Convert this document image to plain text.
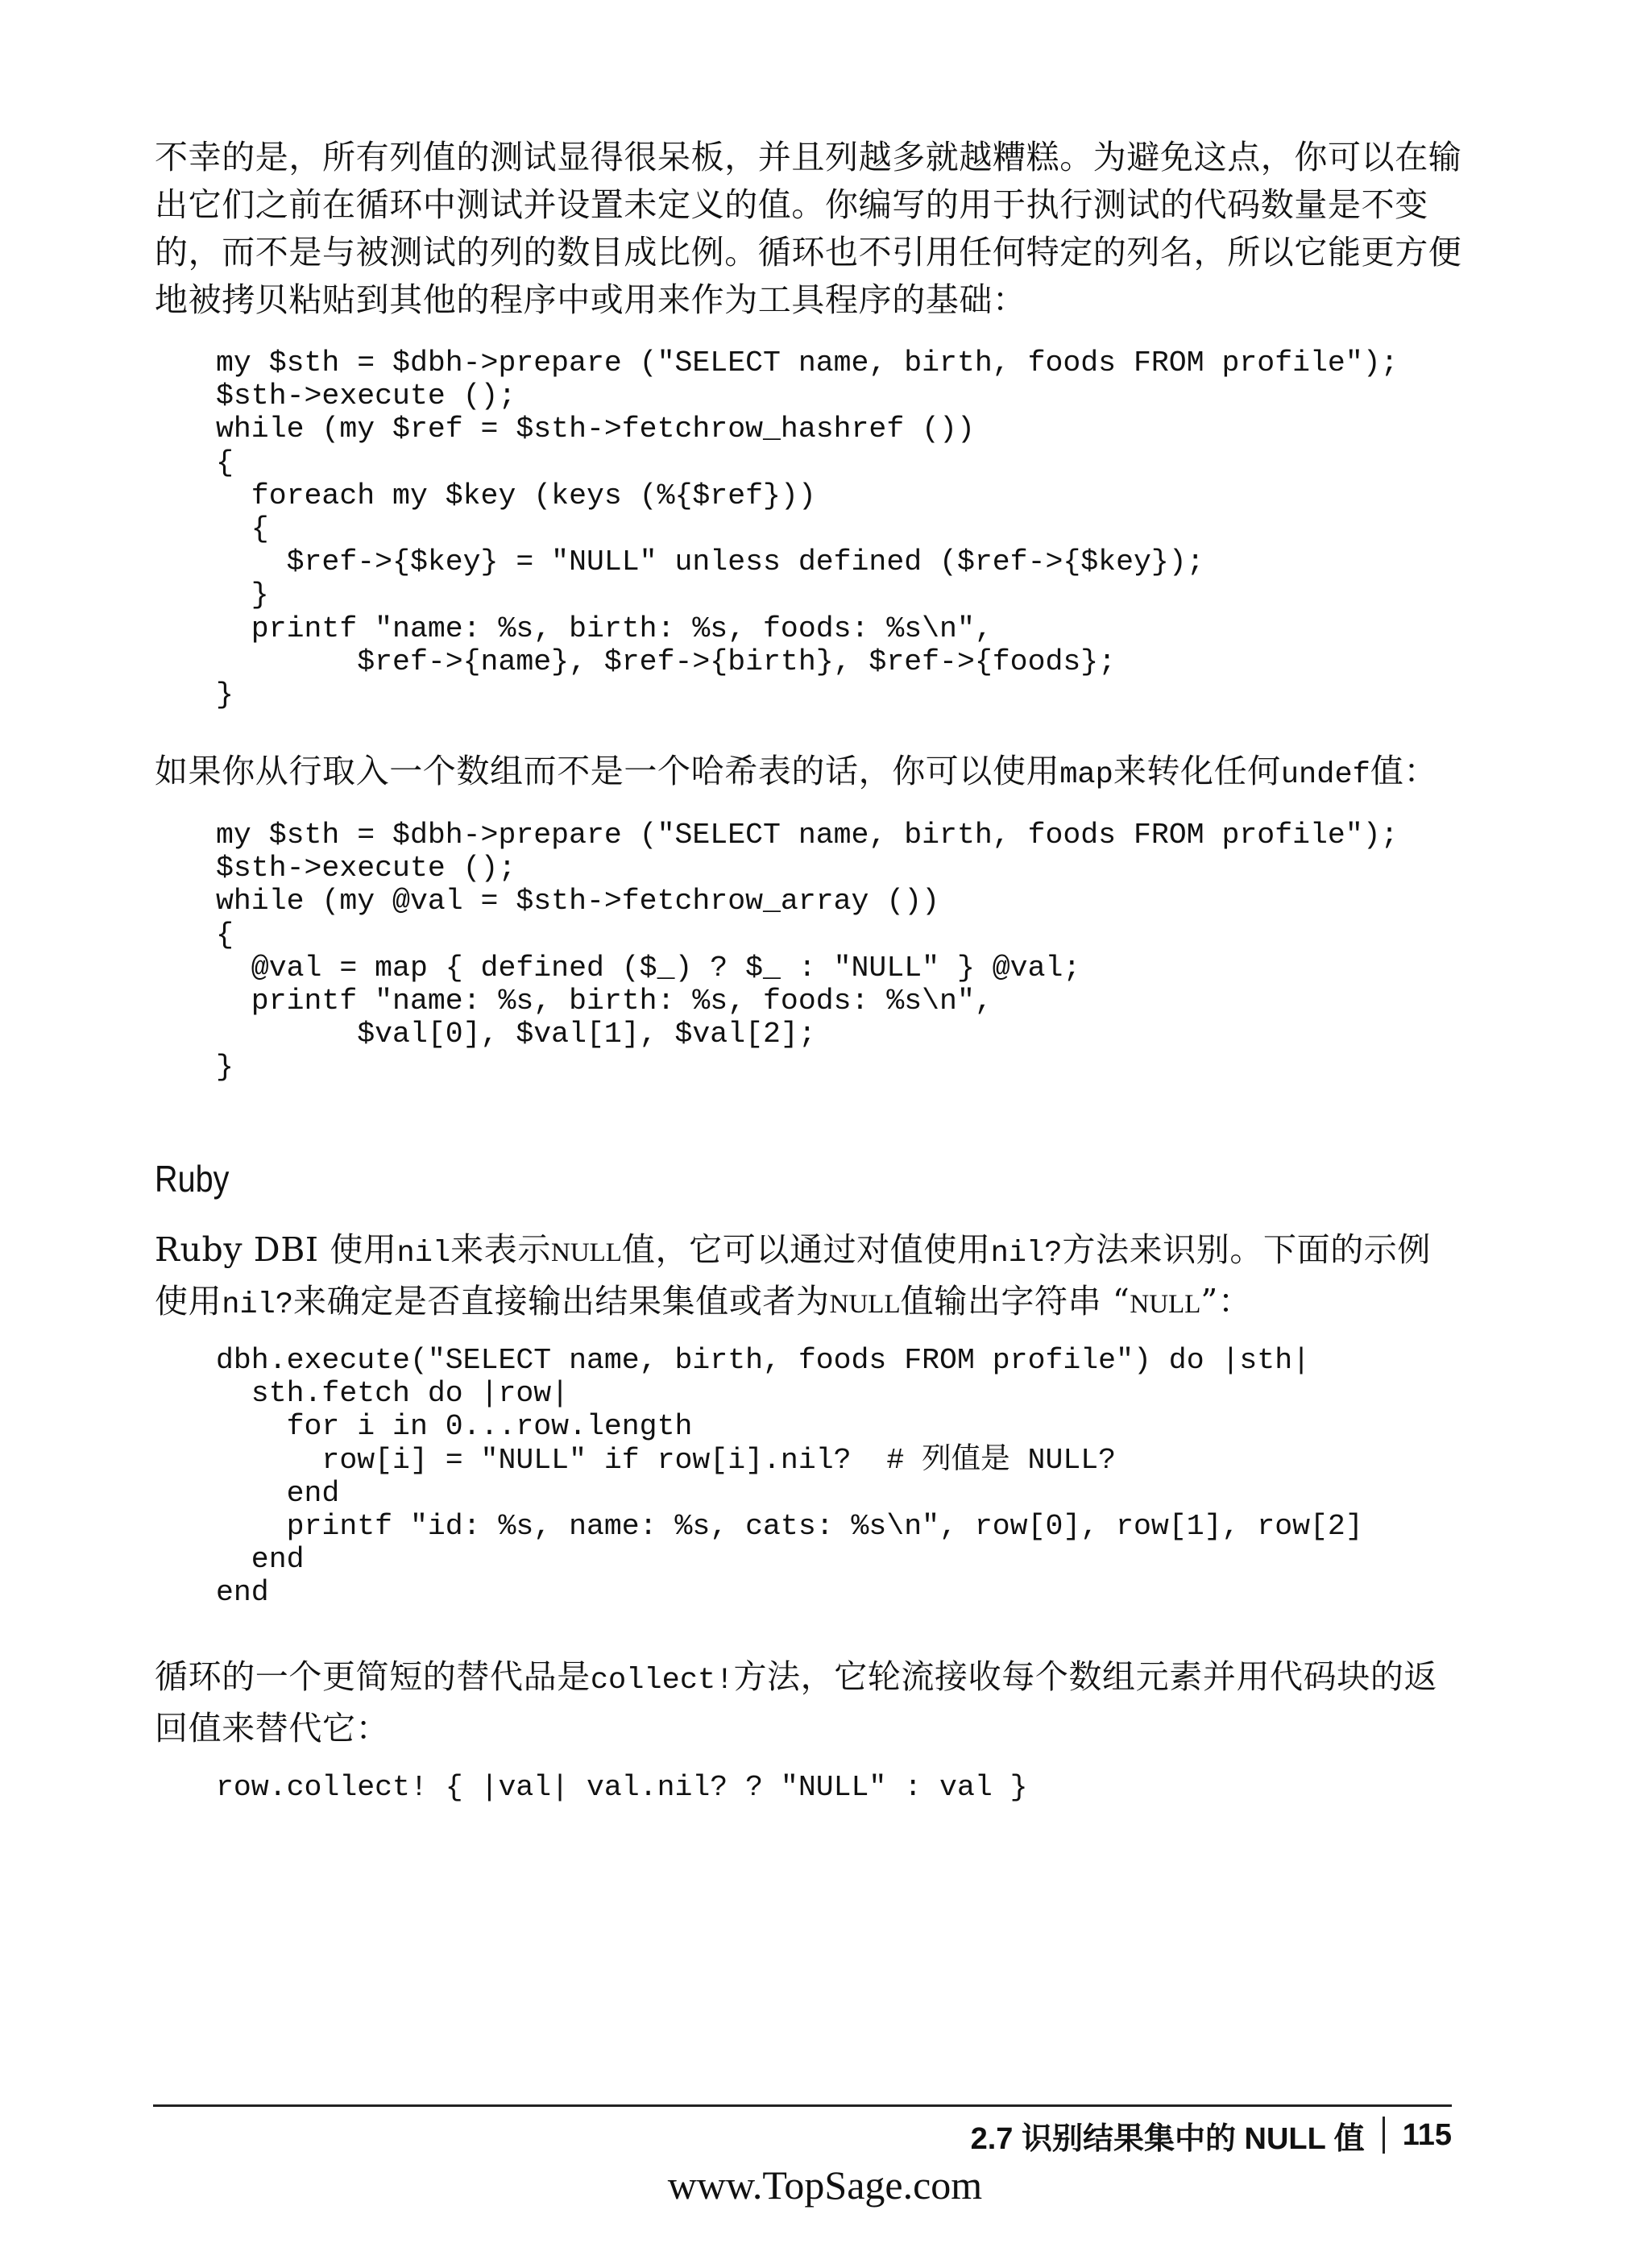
不幸的是，所有列值的测试显得很呆板，并且列越多就越糟糕。为避免这点，你可以在输
出它们之前在循环中测试并设置未定义的值。你编写的用于执行测试的代码数量是不变
的，而不是与被测试的列的数目成比例。循环也不引用任何特定的列名，所以它能更方便
地被拷贝粘贴到其他的程序中或用来作为工具程序的基础：
my $sth = $dbh->prepare ("SELECT name, birth, foods FROM profile");
$sth->execute ();
while (my $ref = $sth->fetchrow_hashref ())
{
foreach my $key (keys (%{$ref}))
{
$ref->{$key} = "NULL" unless defined ($ref->{$key});
}
printf "name: %s, birth: %s, foods: %s\n",
$ref->{name}, $ref->{birth}, $ref->{foods};
}
如果你从行取入一个数组而不是一个哈希表的话，你可以使用map来转化任何undef值：
my $sth = $dbh->prepare ("SELECT name, birth, foods FROM profile");
$sth->execute ();
while (my @val = $sth->fetchrow_array ())
{
@val = map { defined ($_) ? $_ : "NULL" } @val;
printf "name: %s, birth: %s, foods: %s\n",
$val[0], $val[1], $val[2];
}
Ruby
Ruby DBI 使用nil来表示NULL值，它可以通过对值使用nil?方法来识别。下面的示例
使用nil?来确定是否直接输出结果集值或者为NULL值输出字符串 “NULL”：
dbh.execute("SELECT name, birth, foods FROM profile") do |sth|
sth.fetch do |row|
for i in 0...row.length
row[i] = "NULL" if row[i].nil?  # 列值是 NULL?
end
printf "id: %s, name: %s, cats: %s\n", row[0], row[1], row[2]
end
end
循环的一个更简短的替代品是collect!方法，它轮流接收每个数组元素并用代码块的返
回值来替代它：
row.collect! { |val| val.nil? ? "NULL" : val }
2.7 识别结果集中的 NULL 值 115
www.TopSage.com
